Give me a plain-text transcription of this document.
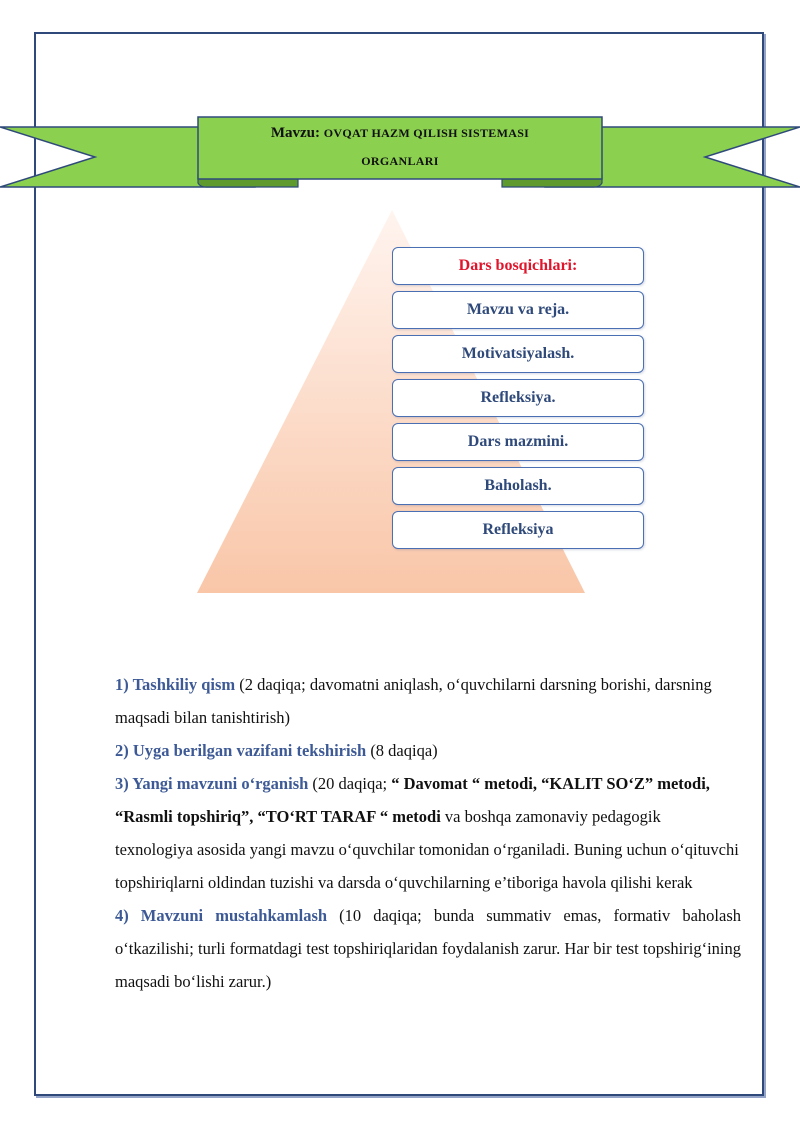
Mavzu: OVQAT HAZM QILISH SISTEMASI
ORGANLARI
Dars bosqichlari:
Mavzu va reja.
Motivatsiyalash.
Refleksiya.
Dars mazmini.
Baholash.
Refleksiya

1) Tashkiliy qism (2 daqiqa; davomatni aniqlash, o‘quvchilarni darsning borishi, darsning maqsadi bilan tanishtirish)

2) Uyga berilgan vazifani tekshirish (8 daqiqa)

3) Yangi mavzuni o‘rganish (20 daqiqa; “ Davomat “ metodi, “KALIT SO‘Z” metodi, “Rasmli topshiriq”, “TO‘RT TARAF “ metodi va boshqa zamonaviy pedagogik texnologiya asosida yangi mavzu o‘quvchilar tomonidan o‘rganiladi. Buning uchun o‘qituvchi topshiriqlarni oldindan tuzishi va darsda o‘quvchilarning e’tiboriga havola qilishi kerak

4) Mavzuni mustahkamlash (10 daqiqa; bunda summativ emas, formativ baholash o‘tkazilishi; turli formatdagi test topshiriqlaridan foydalanish zarur. Har bir test topshirig‘ining maqsadi bo‘lishi zarur.)
